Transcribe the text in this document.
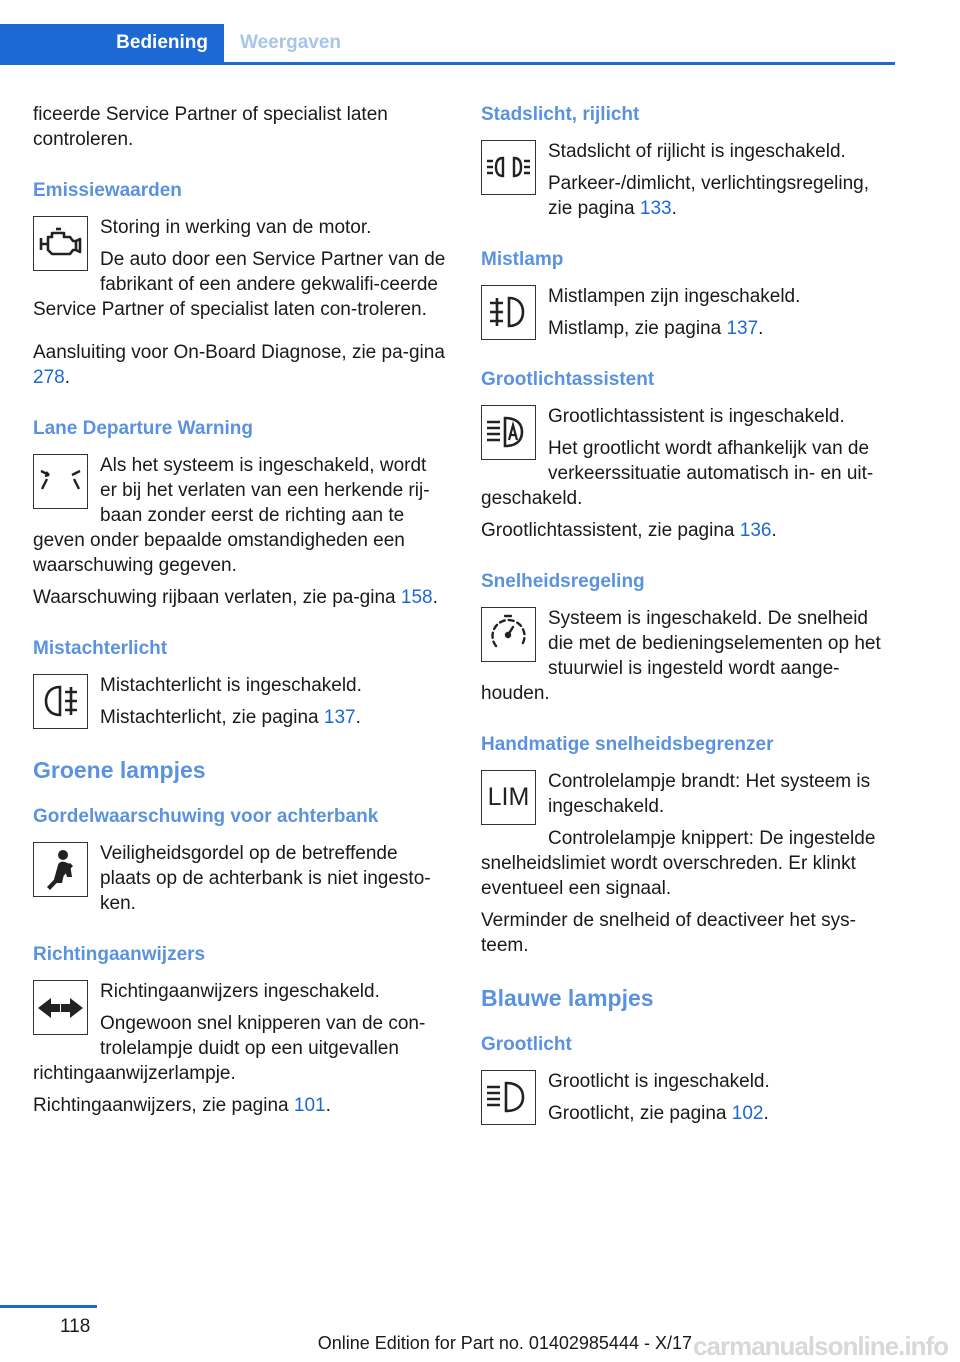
Bediening	Weergaven

ficeerde Service Partner of specialist laten controleren.

Emissiewaarden

Storing in werking van de motor.

De auto door een Service Partner van de fabrikant of een andere gekwalifi-ceerde Service Partner of specialist laten con-troleren.

Aansluiting voor On-Board Diagnose, zie pa-gina 278.

Lane Departure Warning

Als het systeem is ingeschakeld, wordt er bij het verlaten van een herkende rij-baan zonder eerst de richting aan te geven onder bepaalde omstandigheden een waarschuwing gegeven.

Waarschuwing rijbaan verlaten, zie pa-gina 158.

Mistachterlicht

Mistachterlicht is ingeschakeld.

Mistachterlicht, zie pagina 137.

Groene lampjes
Gordelwaarschuwing voor achterbank

Veiligheidsgordel op de betreffende plaats op de achterbank is niet ingesto-ken.

Richtingaanwijzers

Richtingaanwijzers ingeschakeld.

Ongewoon snel knipperen van de con-trolelampje duidt op een uitgevallen richtingaanwijzerlampje.

Richtingaanwijzers, zie pagina 101.

Stadslicht, rijlicht

Stadslicht of rijlicht is ingeschakeld.

Parkeer-/dimlicht, verlichtingsregeling, zie pagina 133.

Mistlamp

Mistlampen zijn ingeschakeld.

Mistlamp, zie pagina 137.

Grootlichtassistent

Grootlichtassistent is ingeschakeld.

Het grootlicht wordt afhankelijk van de verkeerssituatie automatisch in- en uit-geschakeld.

Grootlichtassistent, zie pagina 136.

Snelheidsregeling

Systeem is ingeschakeld. De snelheid die met de bedieningselementen op het stuurwiel is ingesteld wordt aange-houden.

Handmatige snelheidsbegrenzer
LIM

Controlelampje brandt: Het systeem is ingeschakeld.

Controlelampje knippert: De ingestelde snelheidslimiet wordt overschreden. Er klinkt eventueel een signaal.

Verminder de snelheid of deactiveer het sys-teem.

Blauwe lampjes
Grootlicht

Grootlicht is ingeschakeld.

Grootlicht, zie pagina 102.

118
Online Edition for Part no. 01402985444 - X/17 carmanualsonline.info
